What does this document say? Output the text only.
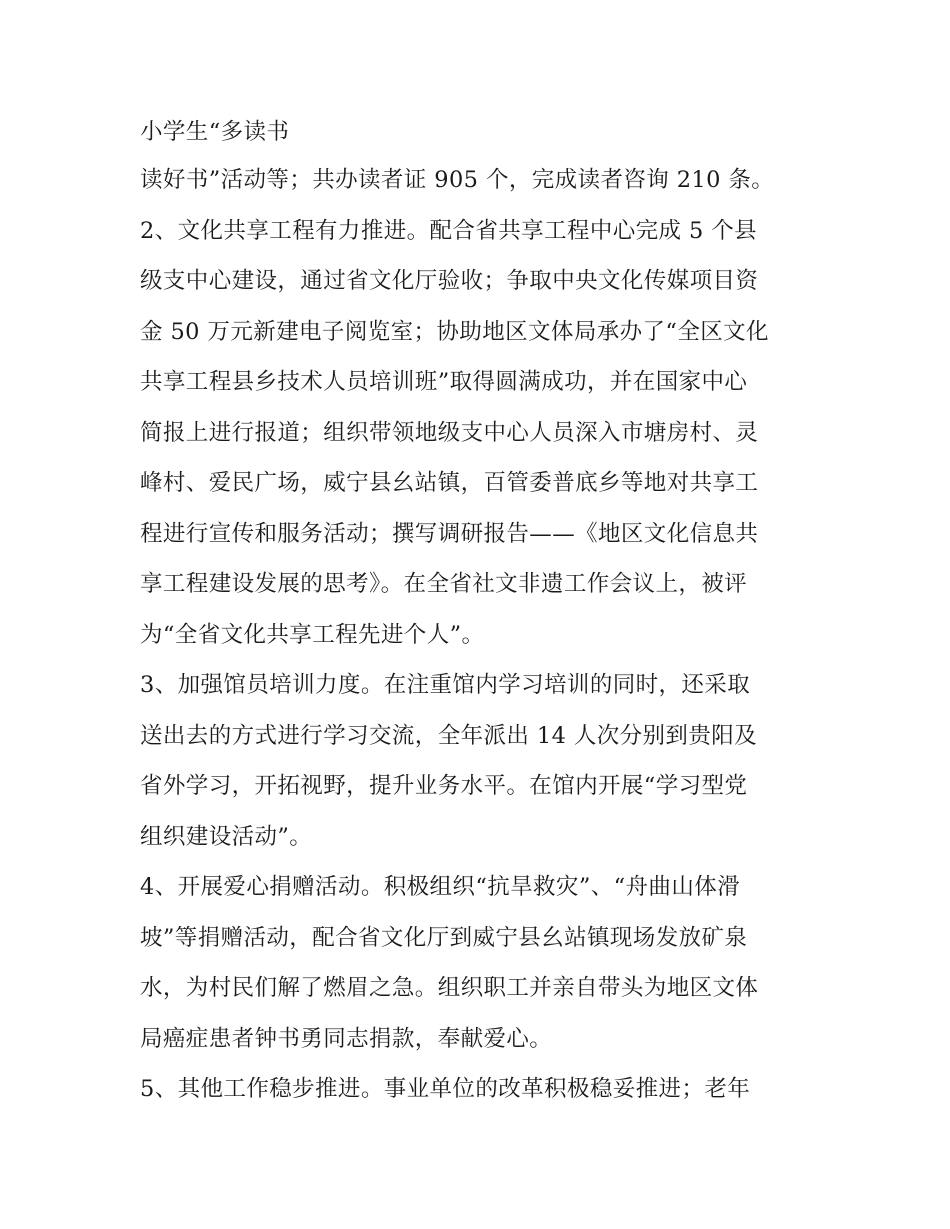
小学生“多读书
读好书”活动等；共办读者证 905 个，完成读者咨询 210 条。
2、文化共享工程有力推进。配合省共享工程中心完成 5 个县
级支中心建设，通过省文化厅验收；争取中央文化传媒项目资
金 50 万元新建电子阅览室；协助地区文体局承办了“全区文化
共享工程县乡技术人员培训班”取得圆满成功，并在国家中心
简报上进行报道；组织带领地级支中心人员深入市塘房村、灵
峰村、爱民广场，威宁县幺站镇，百管委普底乡等地对共享工
程进行宣传和服务活动；撰写调研报告——《地区文化信息共
享工程建设发展的思考》。在全省社文非遗工作会议上，被评
为“全省文化共享工程先进个人”。
3、加强馆员培训力度。在注重馆内学习培训的同时，还采取
送出去的方式进行学习交流，全年派出 14 人次分别到贵阳及
省外学习，开拓视野，提升业务水平。在馆内开展“学习型党
组织建设活动”。
4、开展爱心捐赠活动。积极组织“抗旱救灾”、“舟曲山体滑
坡”等捐赠活动，配合省文化厅到威宁县幺站镇现场发放矿泉
水，为村民们解了燃眉之急。组织职工并亲自带头为地区文体
局癌症患者钟书勇同志捐款，奉献爱心。
5、其他工作稳步推进。事业单位的改革积极稳妥推进；老年
